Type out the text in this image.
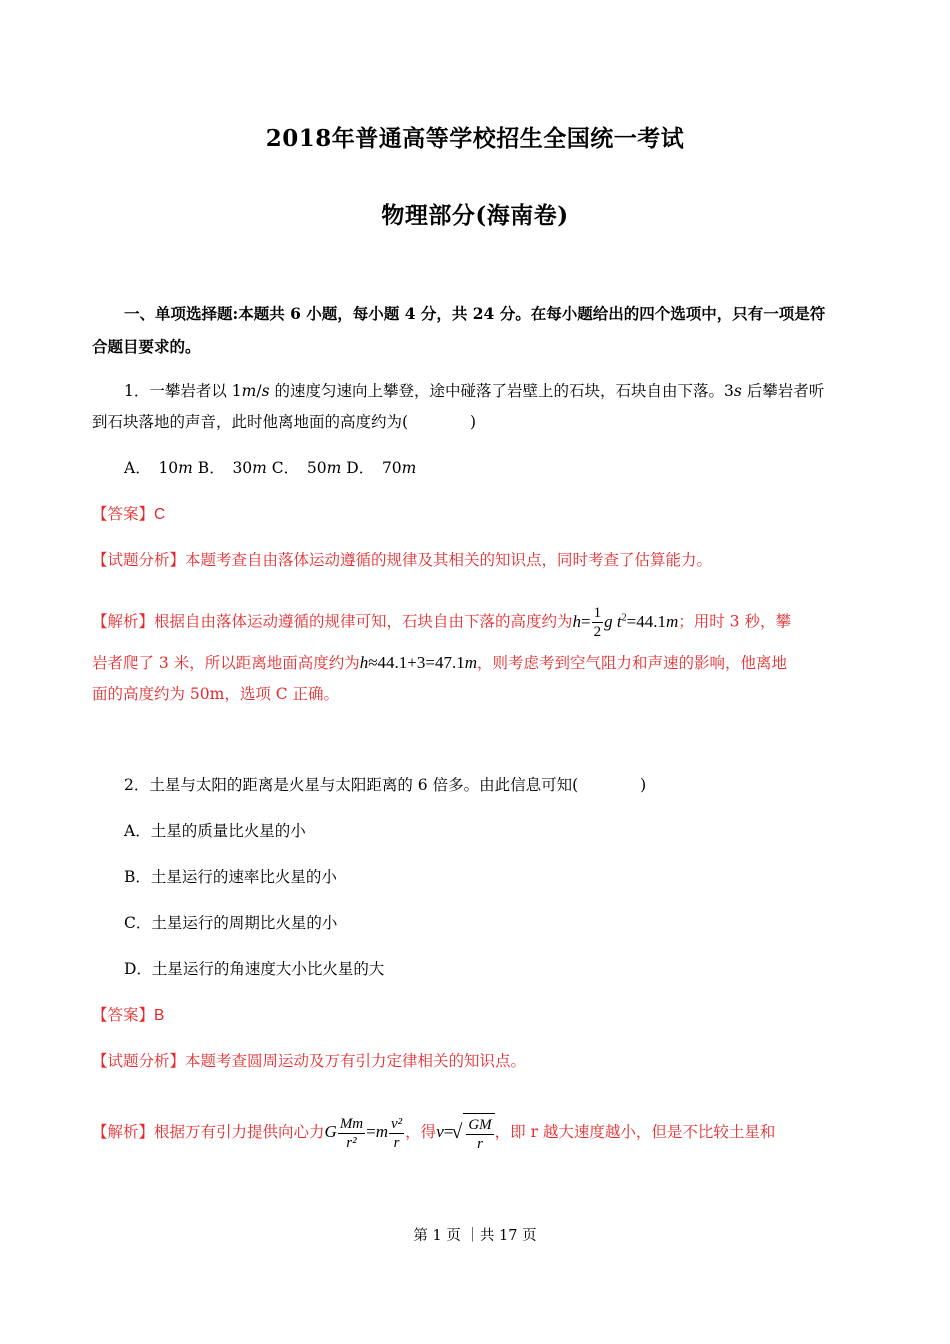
2018年普通高等学校招生全国统一考试
物理部分(海南卷)
一、单项选择题:本题共 6 小题，每小题 4 分，共 24 分。在每小题给出的四个选项中，只有一项是符
合题目要求的。
1．一攀岩者以 1m/s 的速度匀速向上攀登，途中碰落了岩壁上的石块，石块自由下落。3s 后攀岩者听
到石块落地的声音，此时他离地面的高度约为(　　　　)
A．　10m B．　30m C．　50m D．　70m
【答案】C
【试题分析】本题考查自由落体运动遵循的规律及其相关的知识点，同时考查了估算能力。
【解析】根据自由落体运动遵循的规律可知，石块自由下落的高度约为$h= \frac{1}{2}$ g $t^2=44.1m$；用时 3 秒，攀
岩者爬了 3 米，所以距离地面高度约为h≈44.1+3=47.1m，则考虑考到空气阻力和声速的影响，他离地
面的高度约为 50m，选项 C 正确。
2．土星与太阳的距离是火星与太阳距离的 6 倍多。由此信息可知(　　　　)
A．土星的质量比火星的小
B．土星运行的速率比火星的小
C．土星运行的周期比火星的小
D．土星运行的角速度大小比火星的大
【答案】B
【试题分析】本题考查圆周运动及万有引力定律相关的知识点。
【解析】根据万有引力提供向心力G $\frac{Mm}{\text{r²}} =m \frac{\text{v²}}{r}$ ，得v=
√ $\frac{GM}{r}$ ，即 r 越大速度越小，但是不比较土星和
第 1 页 ｜共 17 页
